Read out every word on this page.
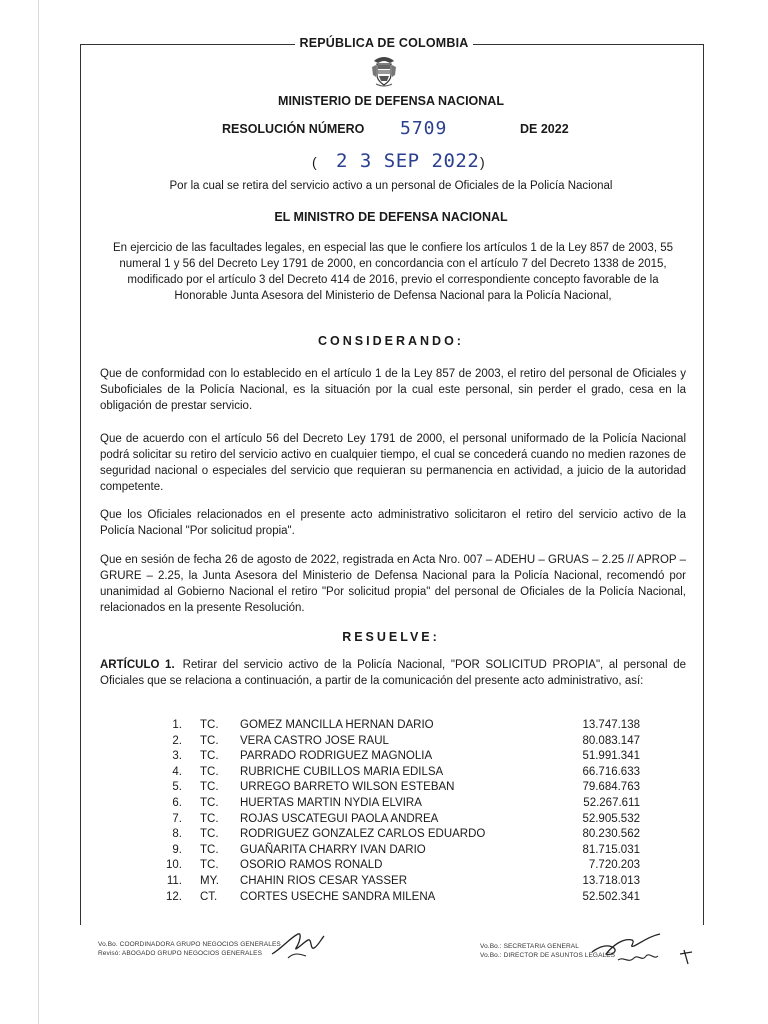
REPÚBLICA DE COLOMBIA
MINISTERIO DE DEFENSA NACIONAL
RESOLUCIÓN NÚMERO 5709	DE 2022
( 2 3 SEP 2022 )
Por la cual se retira del servicio activo a un personal de Oficiales de la Policía Nacional
EL MINISTRO DE DEFENSA NACIONAL
En ejercicio de las facultades legales, en especial las que le confiere los artículos 1 de la Ley 857 de 2003, 55 numeral 1 y 56 del Decreto Ley 1791 de 2000, en concordancia con el artículo 7 del Decreto 1338 de 2015, modificado por el artículo 3 del Decreto 414 de 2016, previo el correspondiente concepto favorable de la Honorable Junta Asesora del Ministerio de Defensa Nacional para la Policía Nacional,
CONSIDERANDO:
Que de conformidad con lo establecido en el artículo 1 de la Ley 857 de 2003, el retiro del personal de Oficiales y Suboficiales de la Policía Nacional, es la situación por la cual este personal, sin perder el grado, cesa en la obligación de prestar servicio.
Que de acuerdo con el artículo 56 del Decreto Ley 1791 de 2000, el personal uniformado de la Policía Nacional podrá solicitar su retiro del servicio activo en cualquier tiempo, el cual se concederá cuando no medien razones de seguridad nacional o especiales del servicio que requieran su permanencia en actividad, a juicio de la autoridad competente.
Que los Oficiales relacionados en el presente acto administrativo solicitaron el retiro del servicio activo de la Policía Nacional "Por solicitud propia".
Que en sesión de fecha 26 de agosto de 2022, registrada en Acta Nro. 007 – ADEHU – GRUAS – 2.25 // APROP – GRURE – 2.25, la Junta Asesora del Ministerio de Defensa Nacional para la Policía Nacional, recomendó por unanimidad al Gobierno Nacional el retiro "Por solicitud propia" del personal de Oficiales de la Policía Nacional, relacionados en la presente Resolución.
RESUELVE:
ARTÍCULO 1. Retirar del servicio activo de la Policía Nacional, "POR SOLICITUD PROPIA", al personal de Oficiales que se relaciona a continuación, a partir de la comunicación del presente acto administrativo, así:
1. TC. GOMEZ MANCILLA HERNAN DARIO	13.747.138
2. TC. VERA CASTRO JOSE RAUL	80.083.147
3. TC. PARRADO RODRIGUEZ MAGNOLIA	51.991.341
4. TC. RUBRICHE CUBILLOS MARIA EDILSA	66.716.633
5. TC. URREGO BARRETO WILSON ESTEBAN	79.684.763
6. TC. HUERTAS MARTIN NYDIA ELVIRA	52.267.611
7. TC. ROJAS USCATEGUI PAOLA ANDREA	52.905.532
8. TC. RODRIGUEZ GONZALEZ CARLOS EDUARDO	80.230.562
9. TC. GUAÑARITA CHARRY IVAN DARIO	81.715.031
10. TC. OSORIO RAMOS RONALD	7.720.203
11. MY. CHAHIN RIOS CESAR YASSER	13.718.013
12. CT. CORTES USECHE SANDRA MILENA	52.502.341
Vo.Bo. COORDINADORA GRUPO NEGOCIOS GENERALES
Revisó: ABOGADO GRUPO NEGOCIOS GENERALES
Vo.Bo.: SECRETARIA GENERAL
Vo.Bo.: DIRECTOR DE ASUNTOS LEGALES
